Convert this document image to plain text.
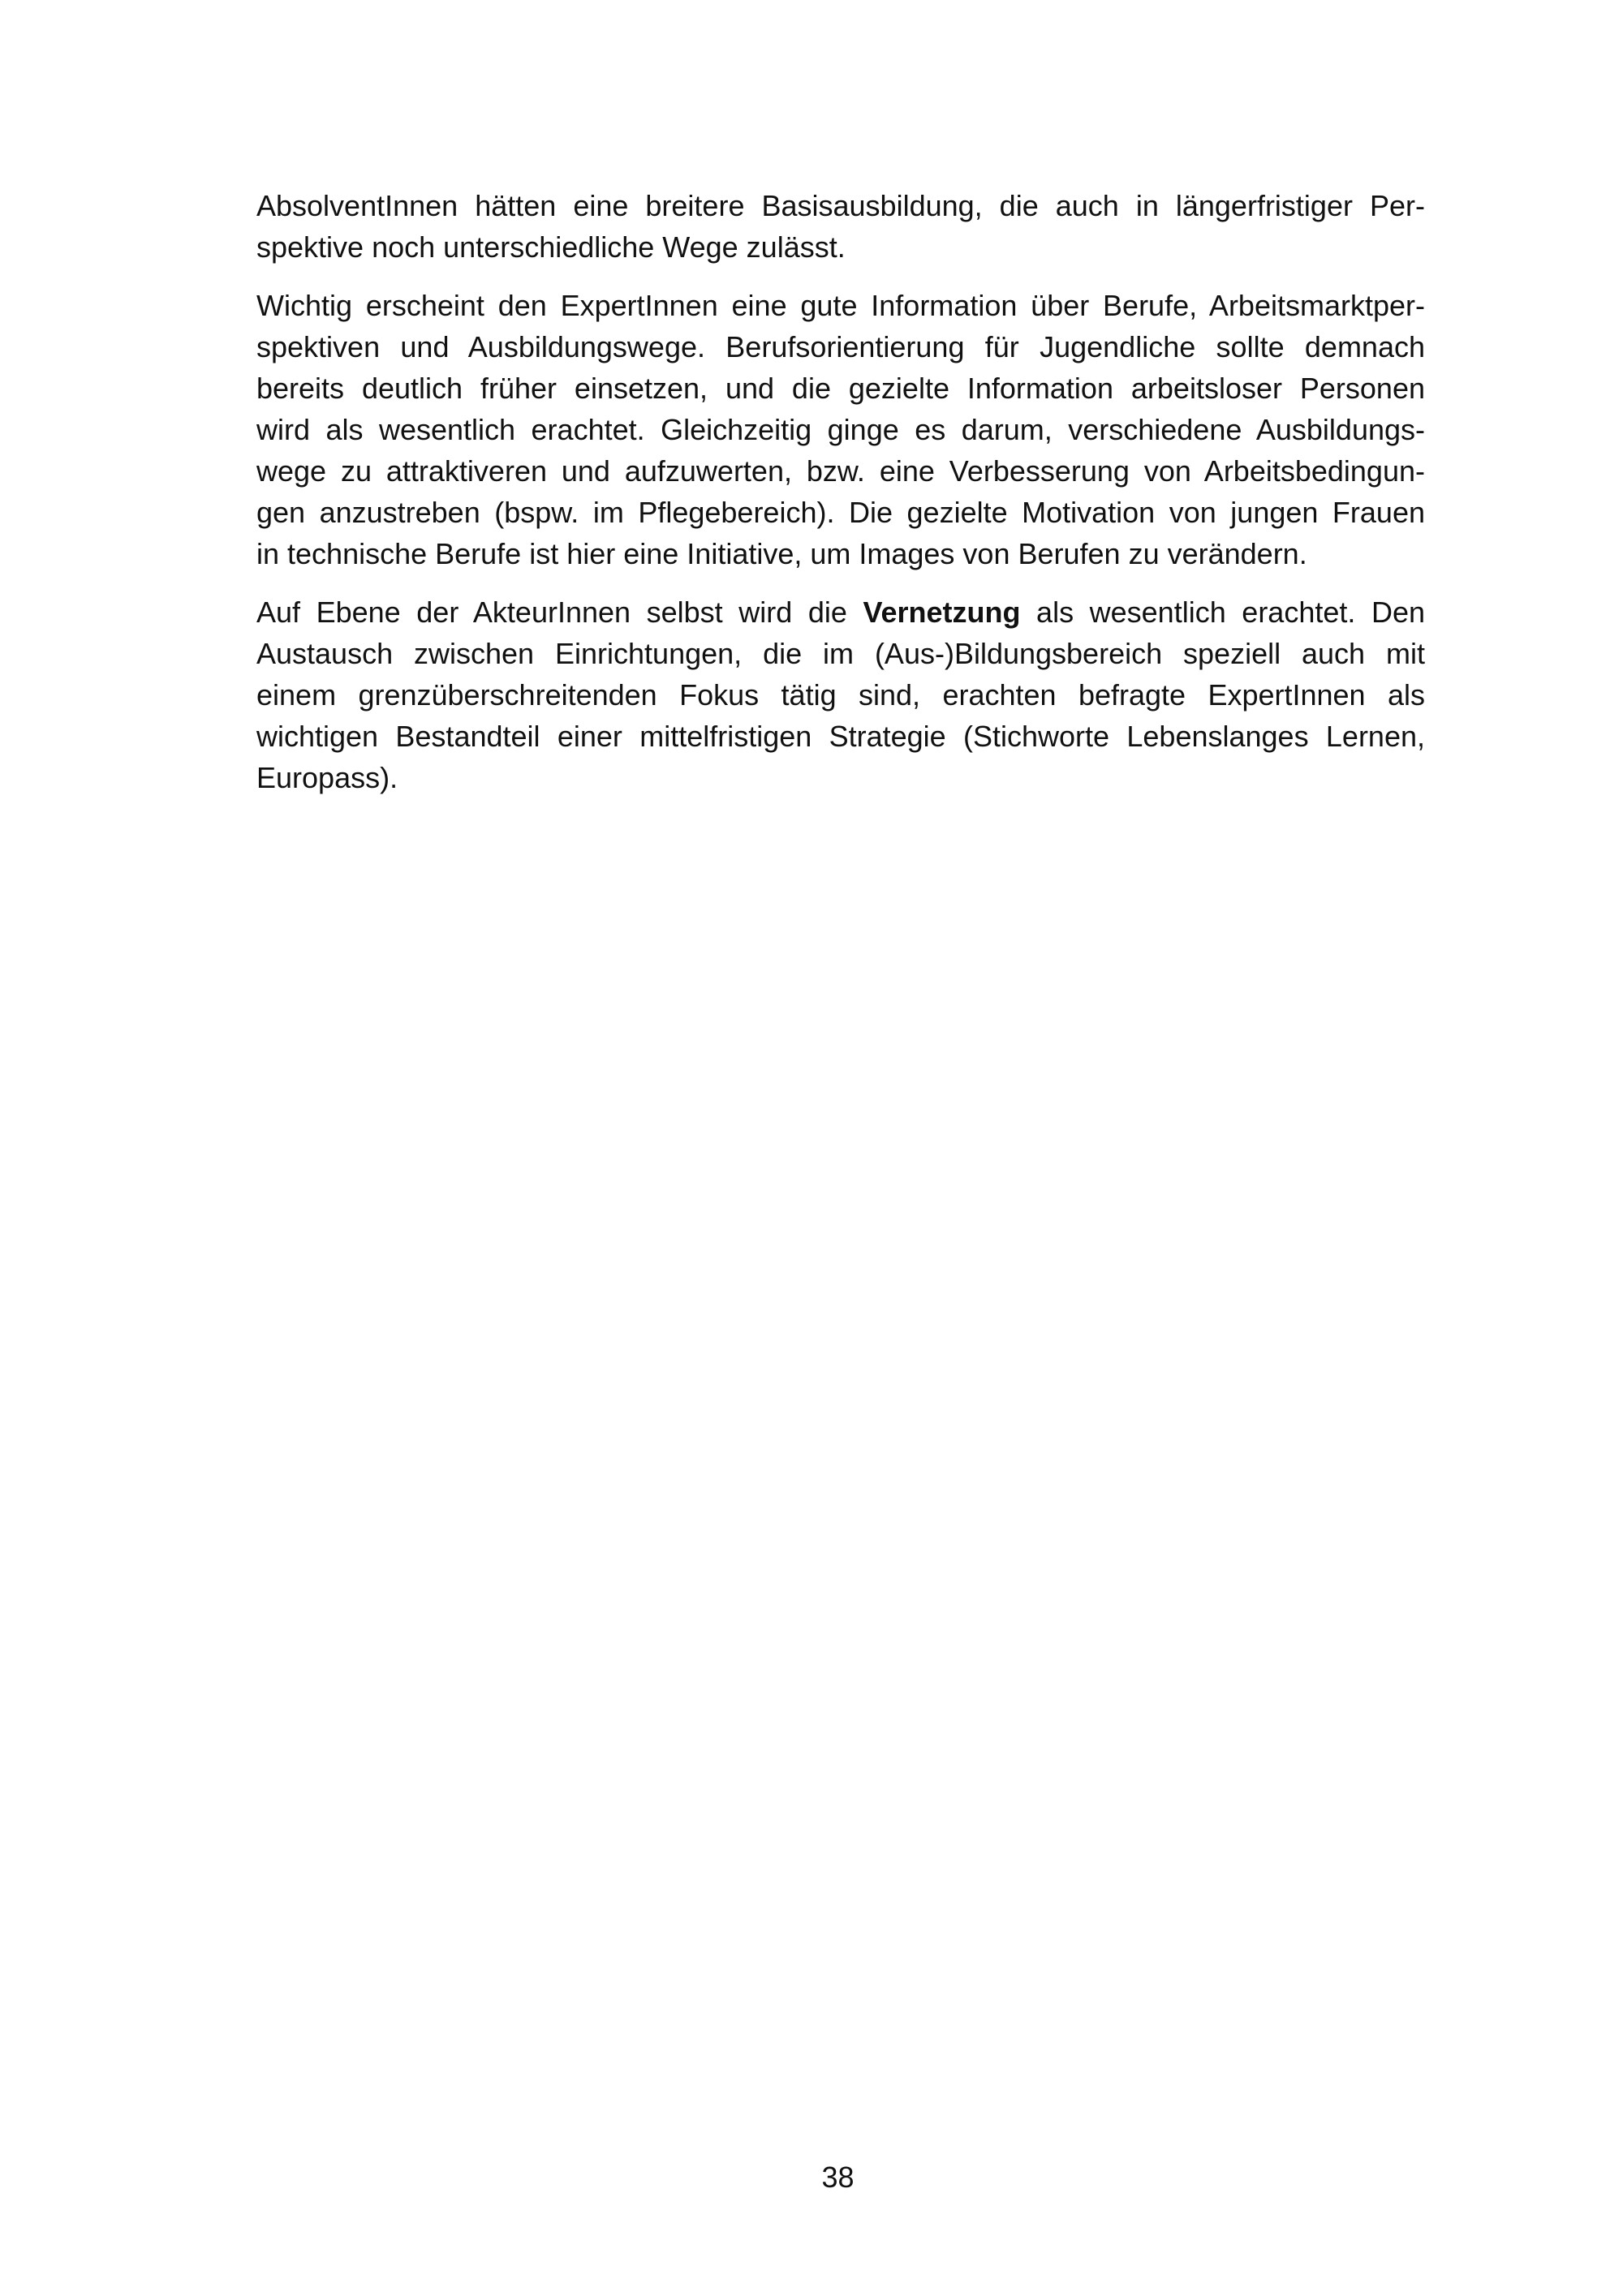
AbsolventInnen hätten eine breitere Basisausbildung, die auch in längerfristiger Per-
spektive noch unterschiedliche Wege zulässt.

Wichtig erscheint den ExpertInnen eine gute Information über Berufe, Arbeitsmarktper-
spektiven und Ausbildungswege. Berufsorientierung für Jugendliche sollte demnach
bereits deutlich früher einsetzen, und die gezielte Information arbeitsloser Personen
wird als wesentlich erachtet. Gleichzeitig ginge es darum, verschiedene Ausbildungs-
wege zu attraktiveren und aufzuwerten, bzw. eine Verbesserung von Arbeitsbedingun-
gen anzustreben (bspw. im Pflegebereich). Die gezielte Motivation von jungen Frauen
in technische Berufe ist hier eine Initiative, um Images von Berufen zu verändern.

Auf Ebene der AkteurInnen selbst wird die Vernetzung als wesentlich erachtet. Den
Austausch zwischen Einrichtungen, die im (Aus-)Bildungsbereich speziell auch mit
einem grenzüberschreitenden Fokus tätig sind, erachten befragte ExpertInnen als
wichtigen Bestandteil einer mittelfristigen Strategie (Stichworte Lebenslanges Lernen,
Europass).

38
